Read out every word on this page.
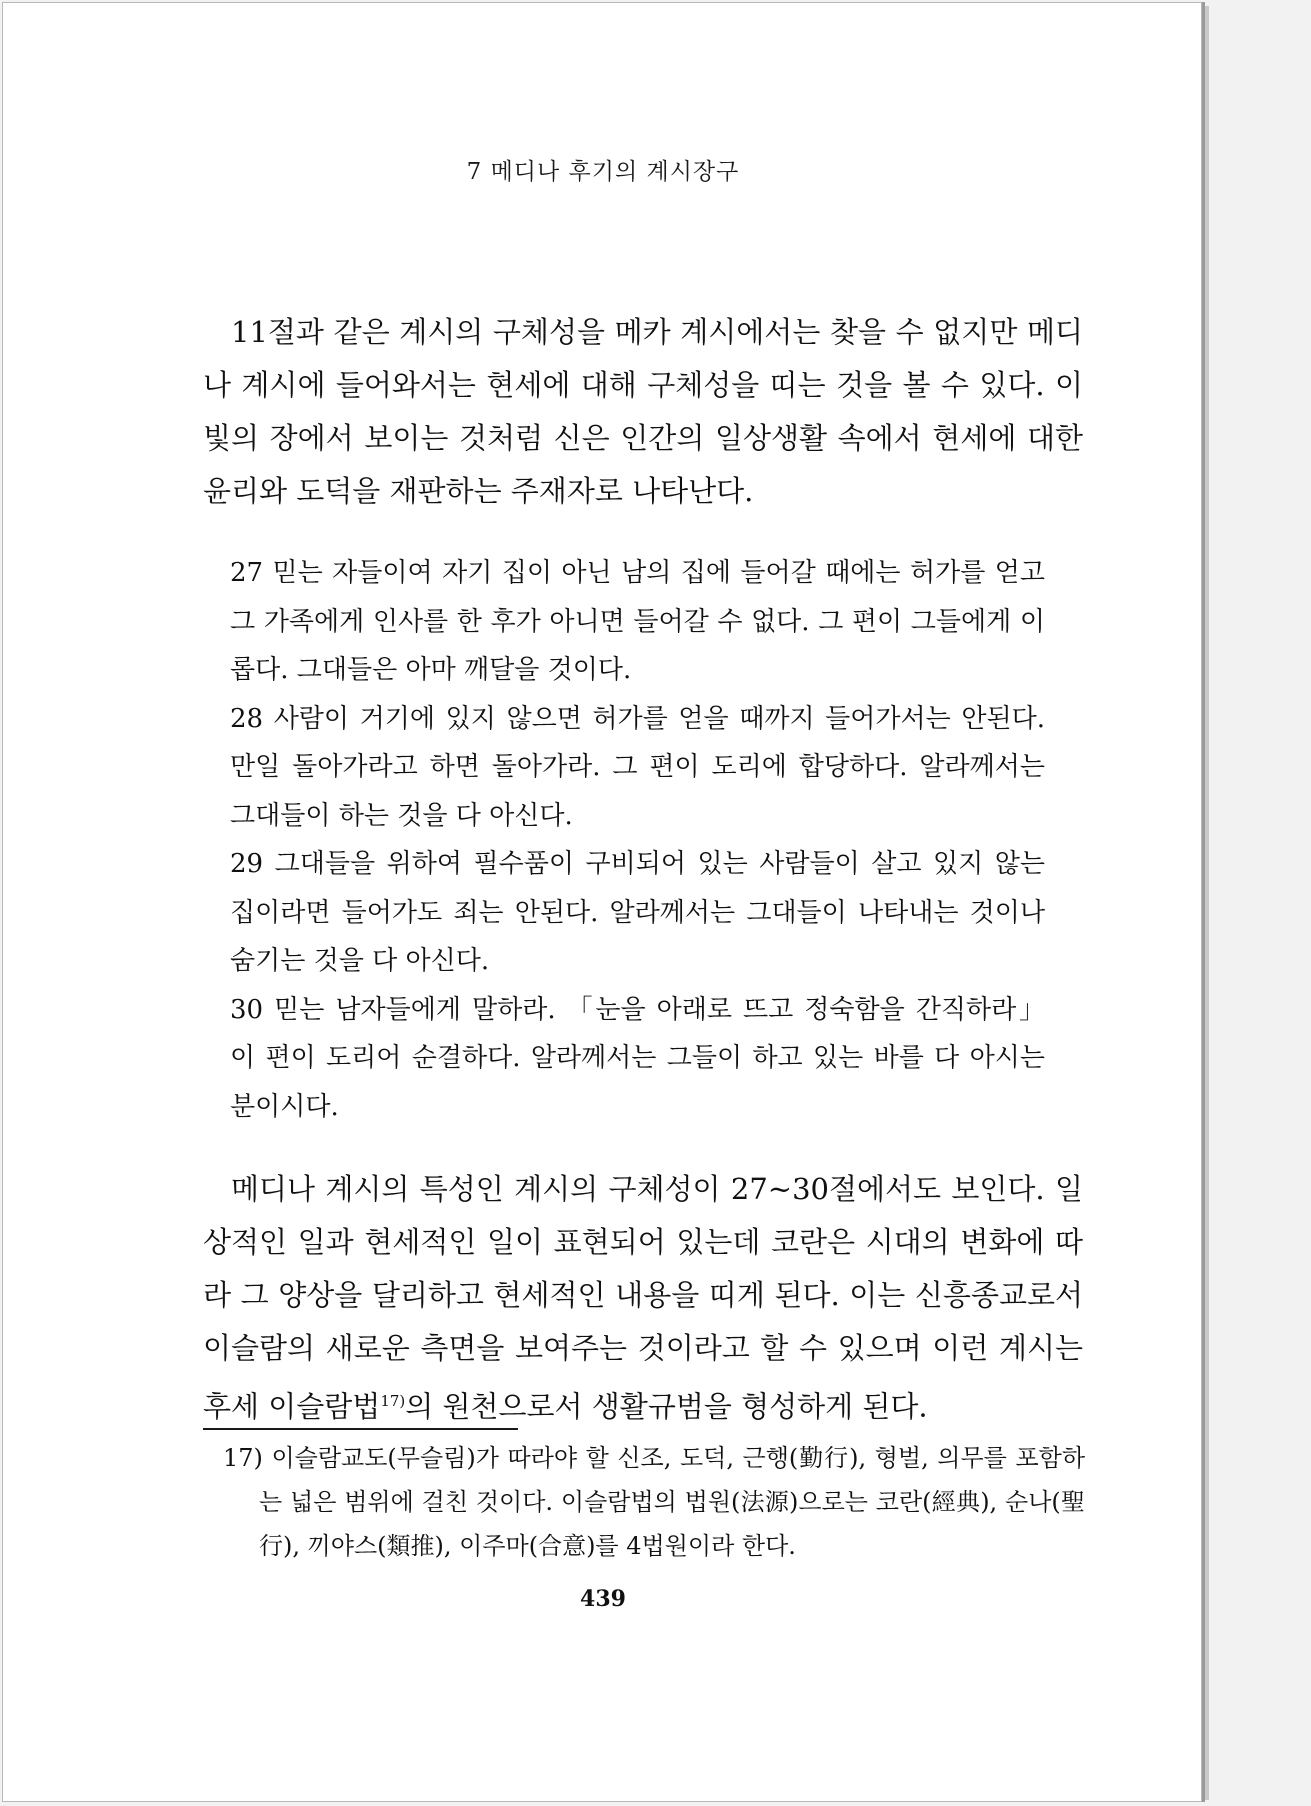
7 메디나 후기의 계시장구
11절과 같은 계시의 구체성을 메카 계시에서는 찾을 수 없지만 메디나 계시에 들어와서는 현세에 대해 구체성을 띠는 것을 볼 수 있다. 이 빛의 장에서 보이는 것처럼 신은 인간의 일상생활 속에서 현세에 대한 윤리와 도덕을 재판하는 주재자로 나타난다.

27 믿는 자들이여 자기 집이 아닌 남의 집에 들어갈 때에는 허가를 얻고 그 가족에게 인사를 한 후가 아니면 들어갈 수 없다. 그 편이 그들에게 이롭다. 그대들은 아마 깨달을 것이다.

28 사람이 거기에 있지 않으면 허가를 얻을 때까지 들어가서는 안된다. 만일 돌아가라고 하면 돌아가라. 그 편이 도리에 합당하다. 알라께서는 그대들이 하는 것을 다 아신다.

29 그대들을 위하여 필수품이 구비되어 있는 사람들이 살고 있지 않는 집이라면 들어가도 죄는 안된다. 알라께서는 그대들이 나타내는 것이나 숨기는 것을 다 아신다.

30 믿는 남자들에게 말하라. 「눈을 아래로 뜨고 정숙함을 간직하라」 이 편이 도리어 순결하다. 알라께서는 그들이 하고 있는 바를 다 아시는 분이시다.

메디나 계시의 특성인 계시의 구체성이 27~30절에서도 보인다. 일상적인 일과 현세적인 일이 표현되어 있는데 코란은 시대의 변화에 따라 그 양상을 달리하고 현세적인 내용을 띠게 된다. 이는 신흥종교로서 이슬람의 새로운 측면을 보여주는 것이라고 할 수 있으며 이런 계시는 후세 이슬람법$^{17)}$의 원천으로서 생활규범을 형성하게 된다.
17) 이슬람교도(무슬림)가 따라야 할 신조, 도덕, 근행(勤行), 형벌, 의무를 포함하는 넓은 범위에 걸친 것이다. 이슬람법의 법원(法源)으로는 코란(經典), 순나(聖行), 끼야스(類推), 이주마(合意)를 4법원이라 한다.
439
